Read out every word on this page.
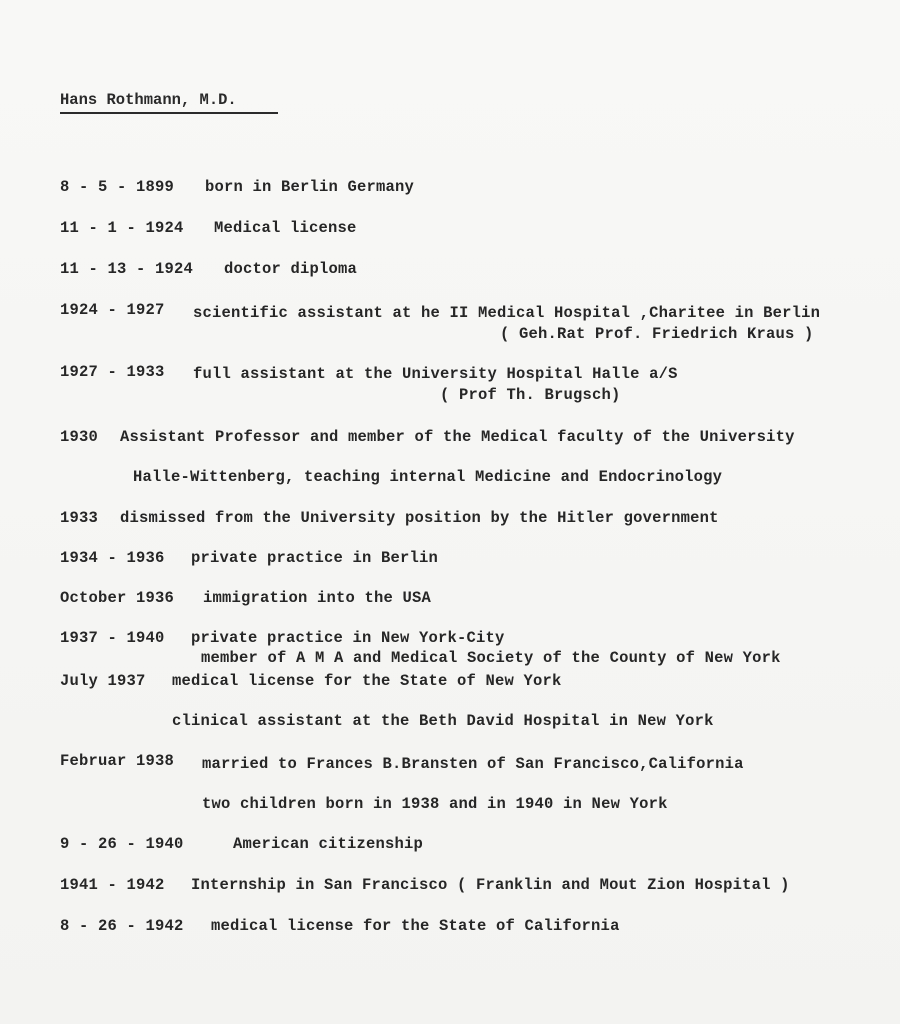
Hans Rothmann, M.D.
8 - 5 - 1899 born in Berlin Germany
11 - 1 - 1924 Medical license
11 - 13 - 1924 doctor diploma
1924 - 1927 scientific assistant at he II Medical Hospital ,Charitee in Berlin
( Geh.Rat Prof. Friedrich Kraus )
1927 - 1933 full assistant at the University Hospital Halle a/S
( Prof Th. Brugsch)
1930 Assistant Professor and member of the Medical faculty of the University
Halle-Wittenberg, teaching internal Medicine and Endocrinology
1933 dismissed from the University position by the Hitler government
1934 - 1936 private practice in Berlin
October 1936 immigration into the USA
1937 - 1940 private practice in New York-City
member of A M A and Medical Society of the County of New York
July 1937 medical license for the State of New York
clinical assistant at the Beth David Hospital in New York
Februar 1938 married to Frances B.Bransten of San Francisco,California
two children born in 1938 and in 1940 in New York
9 - 26 - 1940	American citizenship
1941 - 1942 Internship in San Francisco ( Franklin and Mout Zion Hospital )
8 - 26 - 1942 medical license for the State of California
